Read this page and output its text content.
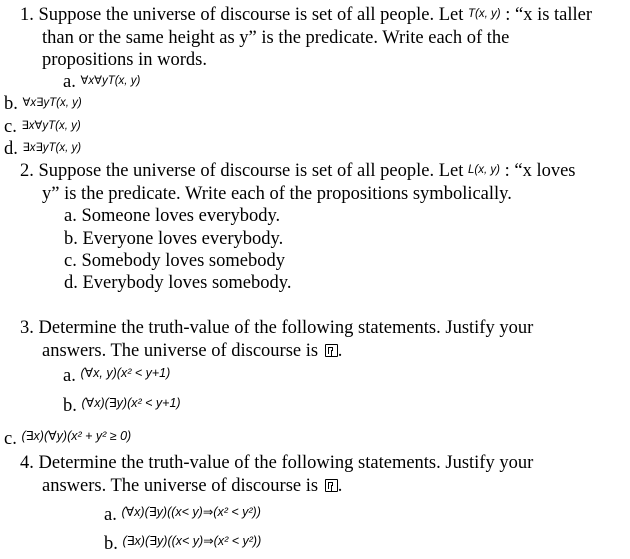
1. Suppose the universe of discourse is set of all people. Let T(x, y) : “x is taller
than or the same height as y” is the predicate. Write each of the
propositions in words.
a. ∀x∀yT(x, y)
b. ∀x∃yT(x, y)
c. ∃x∀yT(x, y)
d. ∃x∃yT(x, y)
2. Suppose the universe of discourse is set of all people. Let L(x, y) : “x loves
y” is the predicate. Write each of the propositions symbolically.
a. Someone loves everybody.
b. Everyone loves everybody.
c. Somebody loves somebody
d. Everybody loves somebody.
3. Determine the truth-value of the following statements. Justify your
answers. The universe of discourse is .
a. $^{(\forall x, y)(x^2 < y+1)}$
b. $^{(\forall x)(\exists y)(x^2 < y+1)}$
c. $^{(\exists x)(\forall y)(x^2 + y^2 \ge 0)}$
4. Determine the truth-value of the following statements. Justify your
answers. The universe of discourse is .
a. $^{(\forall x)(\exists y)((x< y)\Rightarrow(x^2 < y^2))}$
b. $^{(\exists x)(\exists y)((x< y)\Rightarrow(x^2 < y^2))}$
